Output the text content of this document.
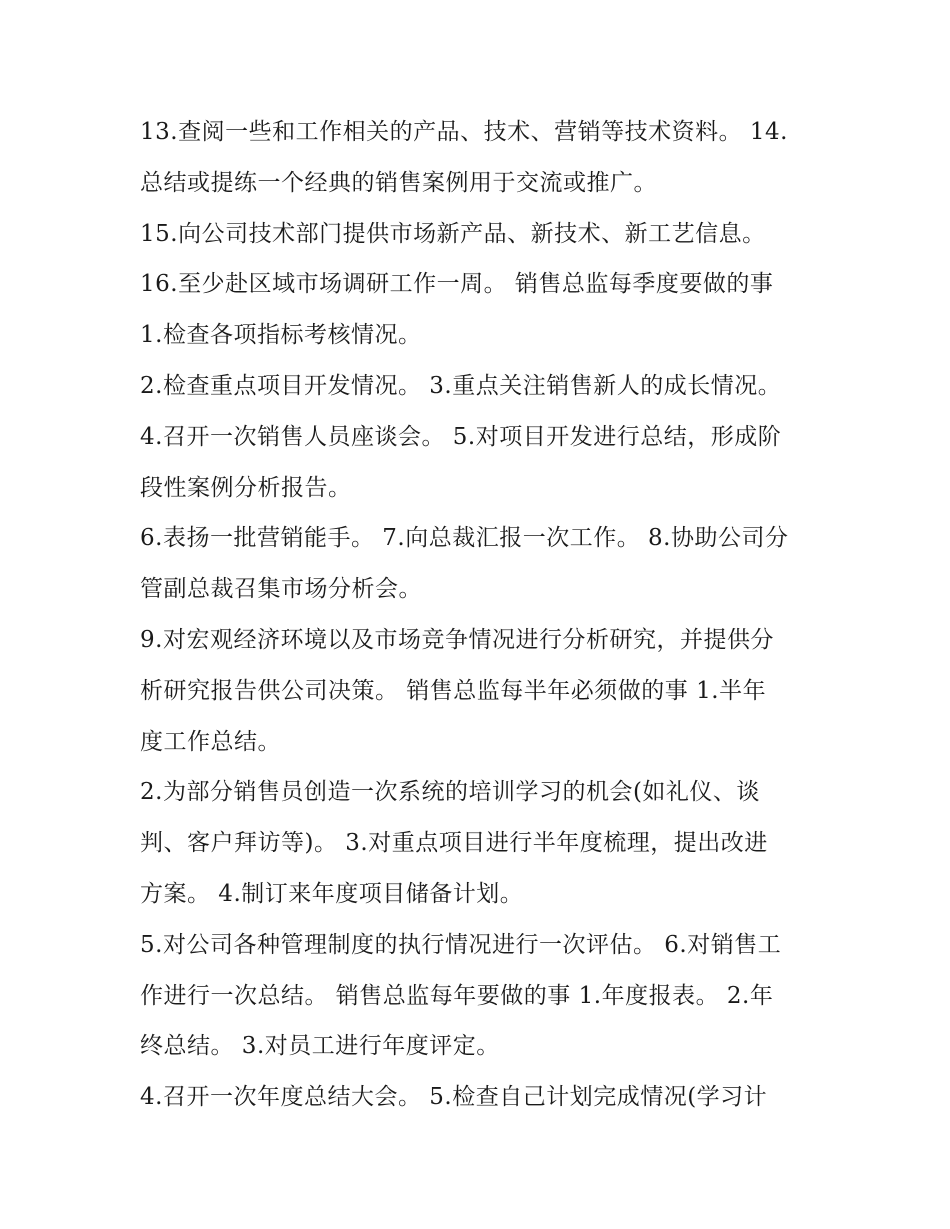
13.查阅一些和工作相关的产品、技术、营销等技术资料。 14.
总结或提练一个经典的销售案例用于交流或推广。
15.向公司技术部门提供市场新产品、新技术、新工艺信息。
16.至少赴区域市场调研工作一周。 销售总监每季度要做的事
1.检查各项指标考核情况。
2.检查重点项目开发情况。 3.重点关注销售新人的成长情况。
4.召开一次销售人员座谈会。 5.对项目开发进行总结，形成阶
段性案例分析报告。
6.表扬一批营销能手。 7.向总裁汇报一次工作。 8.协助公司分
管副总裁召集市场分析会。
9.对宏观经济环境以及市场竞争情况进行分析研究，并提供分
析研究报告供公司决策。 销售总监每半年必须做的事 1.半年
度工作总结。
2.为部分销售员创造一次系统的培训学习的机会(如礼仪、谈
判、客户拜访等)。 3.对重点项目进行半年度梳理，提出改进
方案。 4.制订来年度项目储备计划。
5.对公司各种管理制度的执行情况进行一次评估。 6.对销售工
作进行一次总结。 销售总监每年要做的事 1.年度报表。 2.年
终总结。 3.对员工进行年度评定。
4.召开一次年度总结大会。 5.检查自己计划完成情况(学习计
